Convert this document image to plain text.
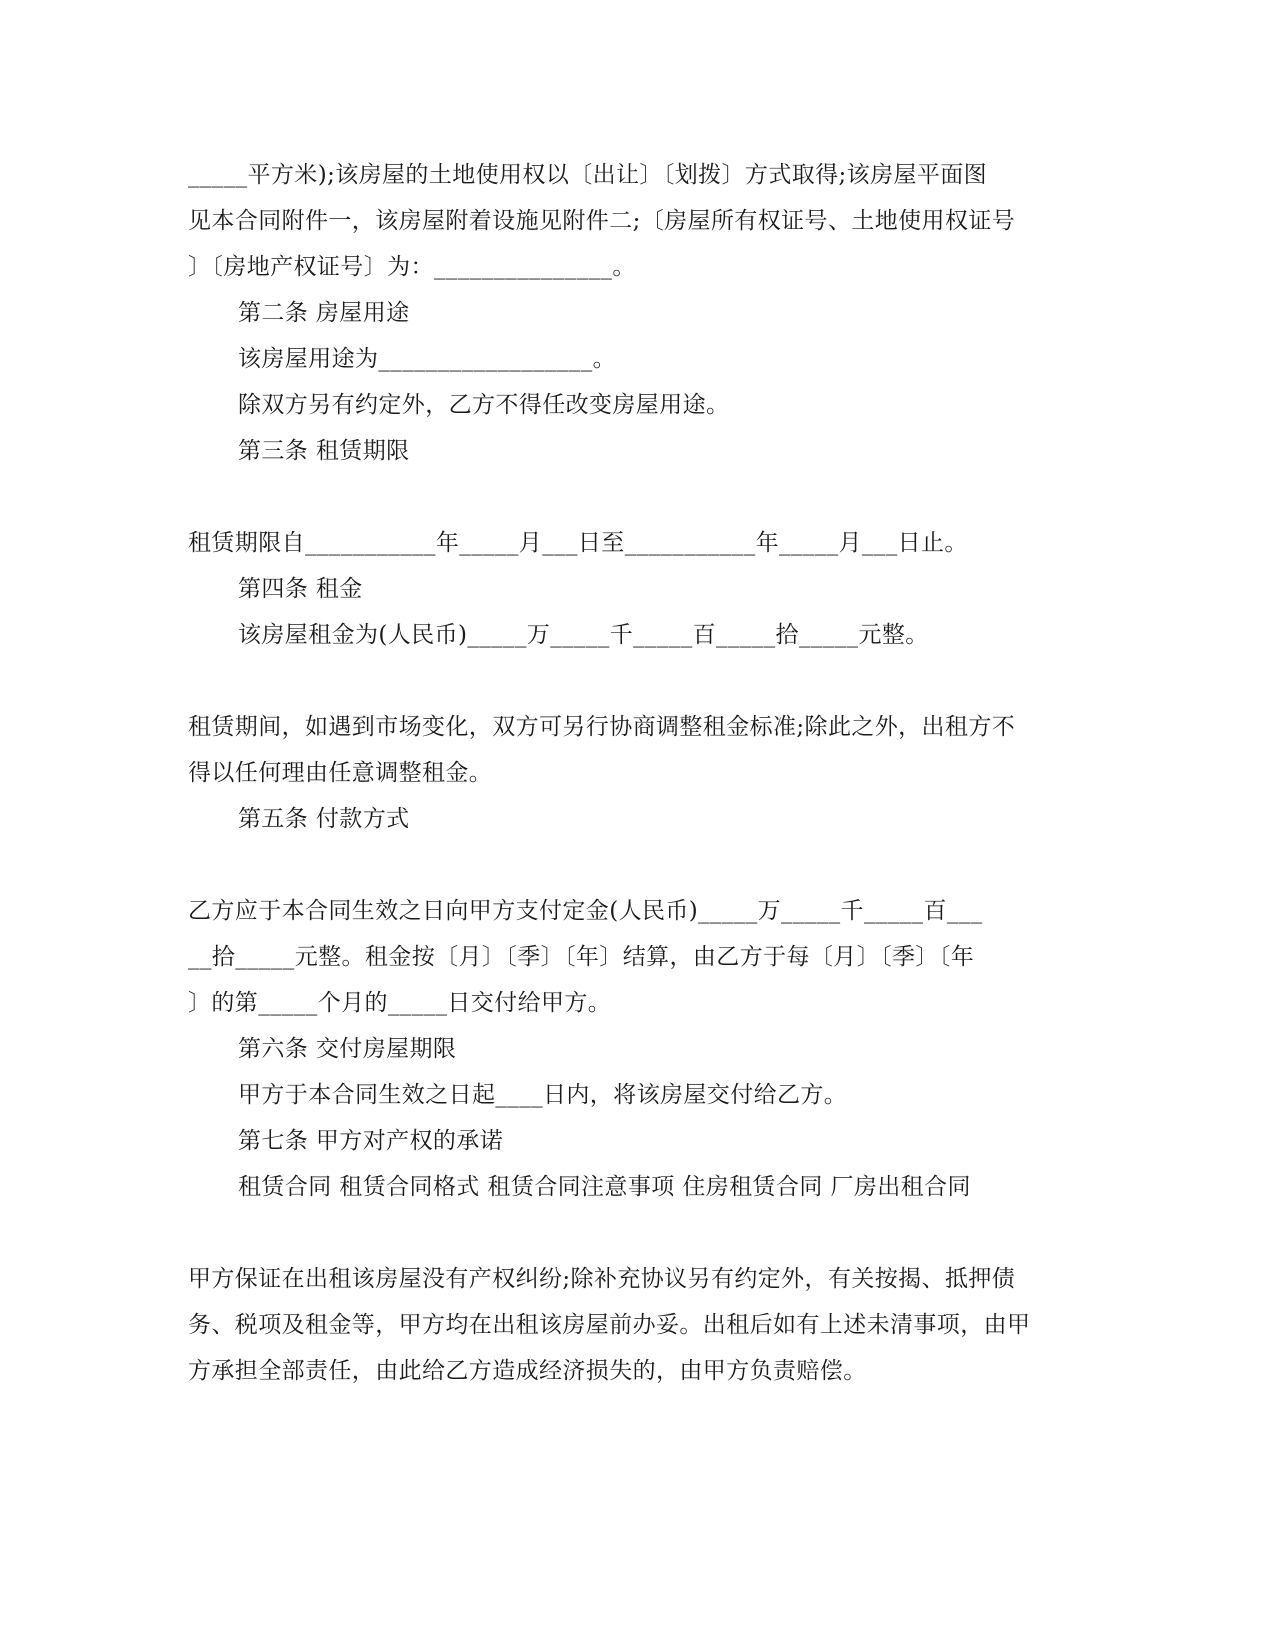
_____平方米);该房屋的土地使用权以〔出让〕〔划拨〕方式取得;该房屋平面图
见本合同附件一，该房屋附着设施见附件二;〔房屋所有权证号、土地使用权证号
〕〔房地产权证号〕为：_______________。
第二条 房屋用途
该房屋用途为__________________。
除双方另有约定外，乙方不得任改变房屋用途。
第三条 租赁期限
租赁期限自___________年_____月___日至___________年_____月___日止。
第四条 租金
该房屋租金为(人民币)_____万_____千_____百_____拾_____元整。
租赁期间，如遇到市场变化，双方可另行协商调整租金标准;除此之外，出租方不
得以任何理由任意调整租金。
第五条 付款方式
乙方应于本合同生效之日向甲方支付定金(人民币)_____万_____千_____百___
__拾_____元整。租金按〔月〕〔季〕〔年〕结算，由乙方于每〔月〕〔季〕〔年
〕的第_____个月的_____日交付给甲方。
第六条 交付房屋期限
甲方于本合同生效之日起____日内，将该房屋交付给乙方。
第七条 甲方对产权的承诺
租赁合同 租赁合同格式 租赁合同注意事项 住房租赁合同 厂房出租合同
甲方保证在出租该房屋没有产权纠纷;除补充协议另有约定外，有关按揭、抵押债
务、税项及租金等，甲方均在出租该房屋前办妥。出租后如有上述未清事项，由甲
方承担全部责任，由此给乙方造成经济损失的，由甲方负责赔偿。
